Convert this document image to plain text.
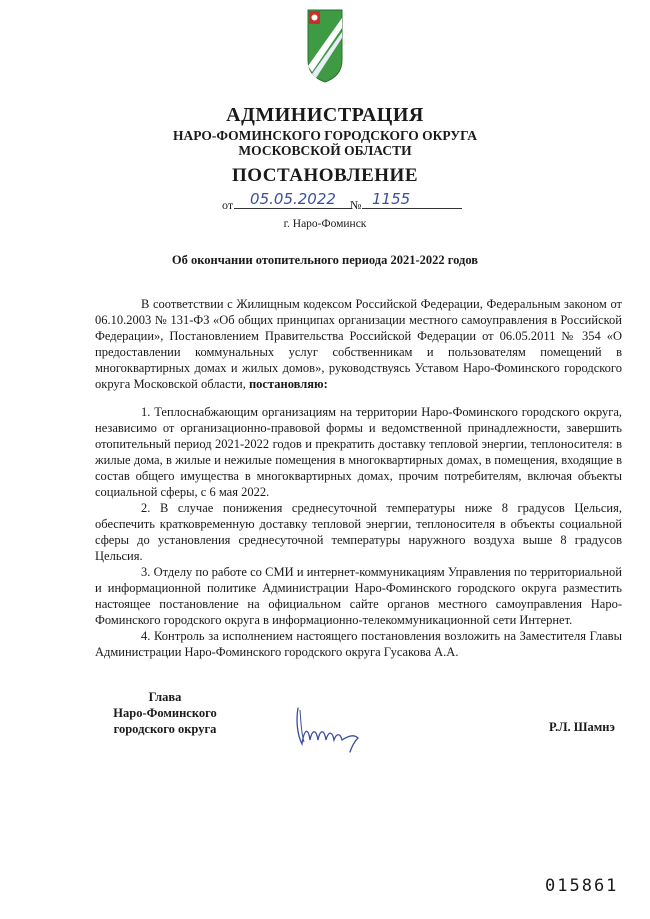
АДМИНИСТРАЦИЯ
НАРО-ФОМИНСКОГО ГОРОДСКОГО ОКРУГА
МОСКОВСКОЙ ОБЛАСТИ
ПОСТАНОВЛЕНИЕ
от	05.05.2022	№ 1155
г. Наро-Фоминск
Об окончании отопительного периода 2021-2022 годов

В соответствии с Жилищным кодексом Российской Федерации, Федеральным законом от 06.10.2003 № 131-ФЗ «Об общих принципах организации местного самоуправления в Российской Федерации», Постановлением Правительства Российской Федерации от 06.05.2011 № 354 «О предоставлении коммунальных услуг собственникам и пользователям помещений в многоквартирных домах и жилых домов», руководствуясь Уставом Наро-Фоминского городского округа Московской области, постановляю:

1. Теплоснабжающим организациям на территории Наро-Фоминского городского округа, независимо от организационно-правовой формы и ведомственной принадлежности, завершить отопительный период 2021-2022 годов и прекратить доставку тепловой энергии, теплоносителя: в жилые дома, в жилые и нежилые помещения в многоквартирных домах, в помещения, входящие в состав общего имущества в многоквартирных домах, прочим потребителям, включая объекты социальной сферы, с 6 мая 2022.

2. В случае понижения среднесуточной температуры ниже 8 градусов Цельсия, обеспечить кратковременную доставку тепловой энергии, теплоносителя в объекты социальной сферы до установления среднесуточной температуры наружного воздуха выше 8 градусов Цельсия.

3. Отделу по работе со СМИ и интернет-коммуникациям Управления по территориальной и информационной политике Администрации Наро-Фоминского городского округа разместить настоящее постановление на официальном сайте органов местного самоуправления Наро-Фоминского городского округа в информационно-телекоммуникационной сети Интернет.

4. Контроль за исполнением настоящего постановления возложить на Заместителя Главы Администрации Наро-Фоминского городского округа Гусакова А.А.

Глава
Наро-Фоминского
городского округа	Р.Л. Шамнэ
015861
